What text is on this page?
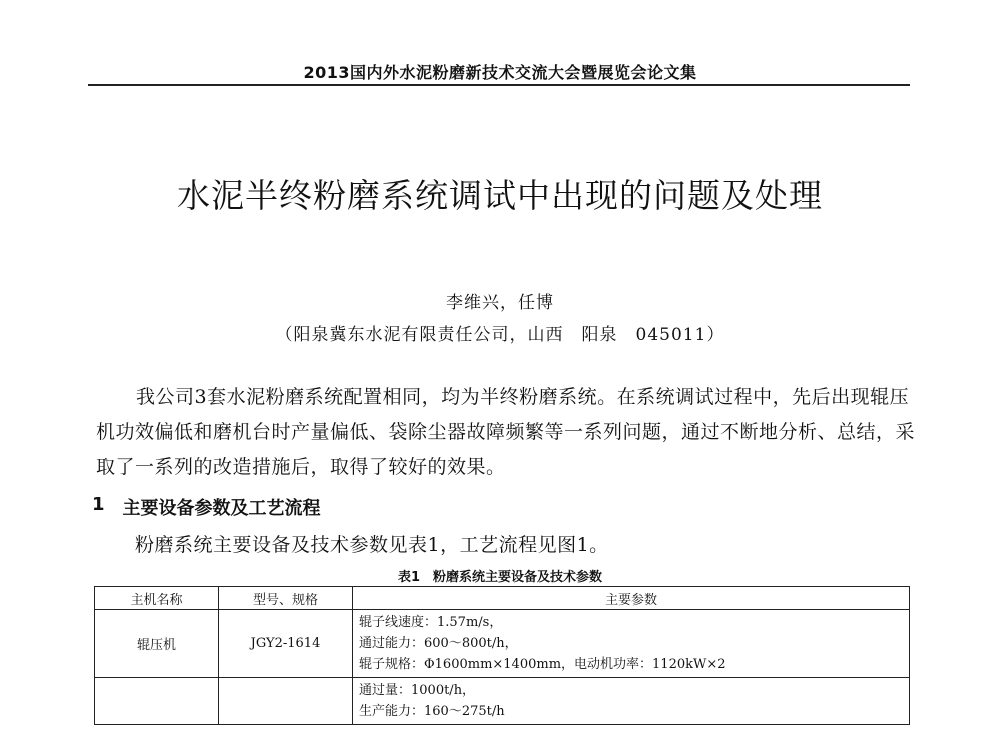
2013国内外水泥粉磨新技术交流大会暨展览会论文集
水泥半终粉磨系统调试中出现的问题及处理
李维兴，任博
（阳泉冀东水泥有限责任公司，山西　阳泉　045011）

我公司3套水泥粉磨系统配置相同，均为半终粉磨系统。在系统调试过程中，先后出现辊压机功效偏低和磨机台时产量偏低、袋除尘器故障频繁等一系列问题，通过不断地分析、总结，采取了一系列的改造措施后，取得了较好的效果。

1 主要设备参数及工艺流程
粉磨系统主要设备及技术参数见表1，工艺流程见图1。
表1　粉磨系统主要设备及技术参数
主机名称	型号、规格	主要参数
辊压机	JGY2-1614	辊子线速度：1.57m/s，
通过能力：600～800t/h，
辊子规格：Φ1600mm×1400mm，电动机功率：1120kW×2

		通过量：1000t/h，
生产能力：160～275t/h
